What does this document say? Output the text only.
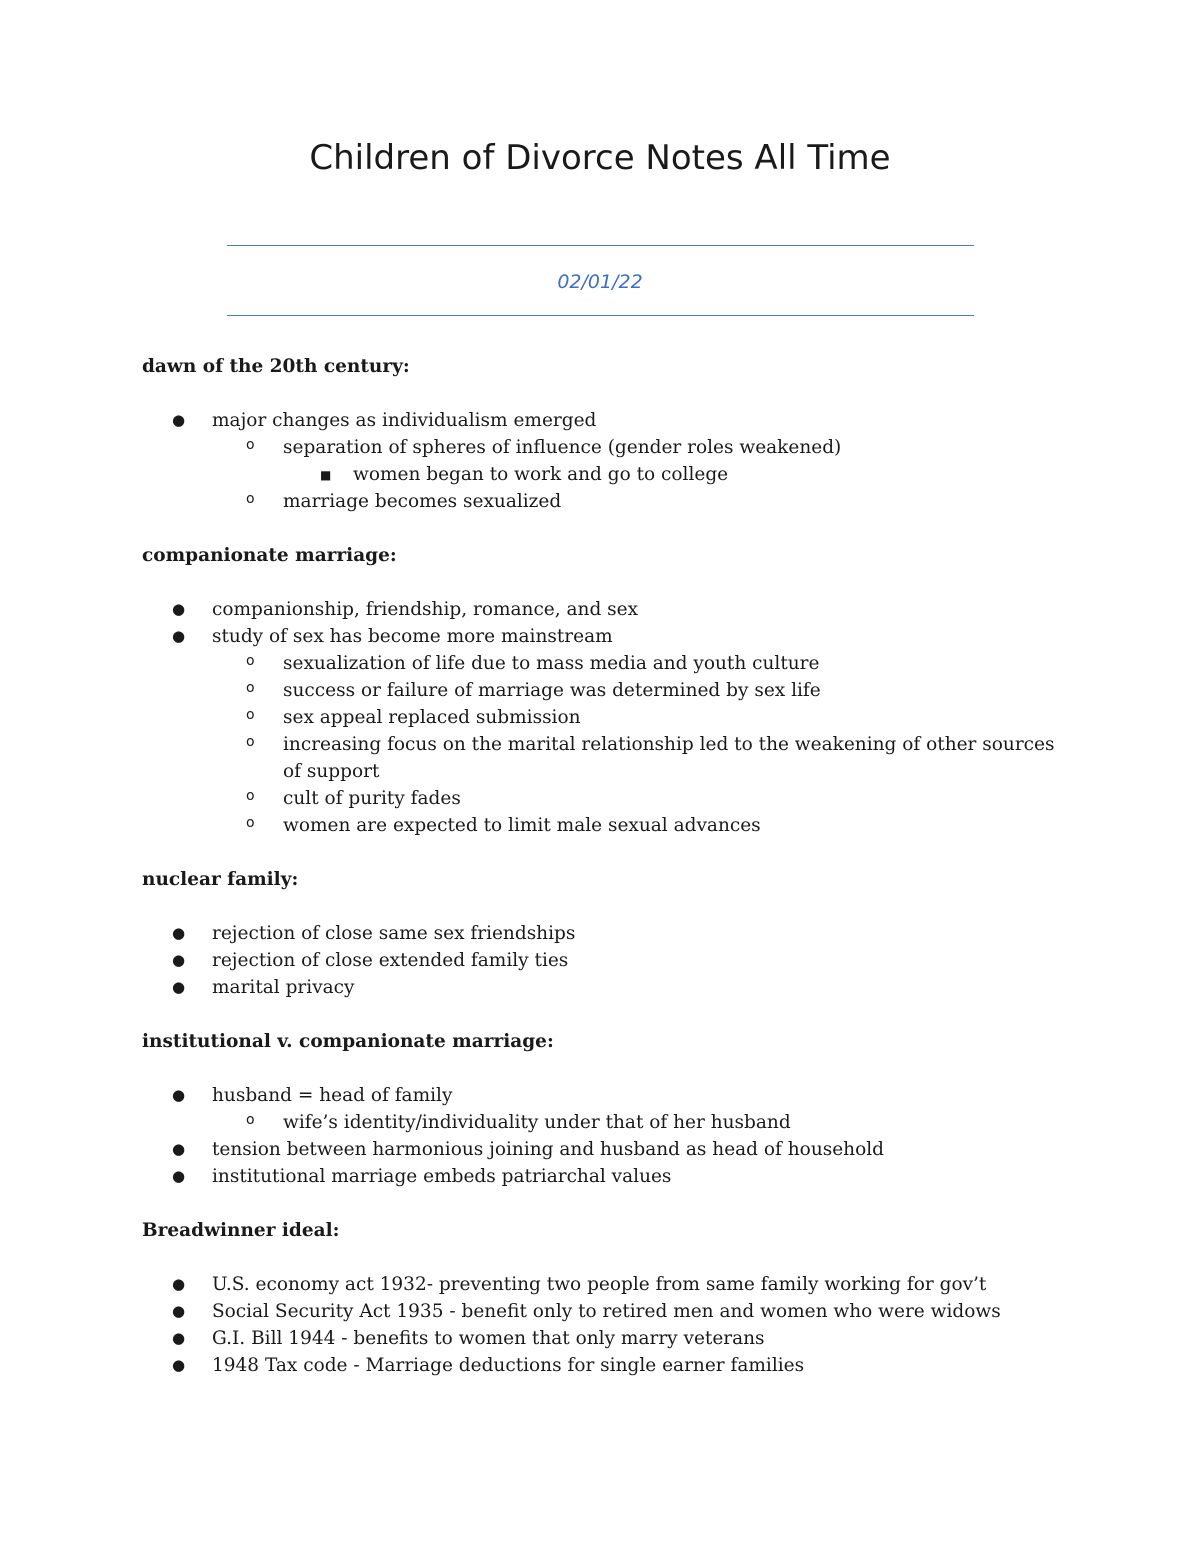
Children of Divorce Notes All Time
02/01/22
dawn of the 20th century:
● major changes as individualism emerged
o separation of spheres of influence (gender roles weakened)
■ women began to work and go to college
o marriage becomes sexualized
companionate marriage:
● companionship, friendship, romance, and sex
● study of sex has become more mainstream
o sexualization of life due to mass media and youth culture
o success or failure of marriage was determined by sex life
o sex appeal replaced submission
o increasing focus on the marital relationship led to the weakening of other sources of support
o cult of purity fades
o women are expected to limit male sexual advances
nuclear family:
● rejection of close same sex friendships
● rejection of close extended family ties
● marital privacy
institutional v. companionate marriage:
● husband = head of family
o wife’s identity/individuality under that of her husband
● tension between harmonious joining and husband as head of household
● institutional marriage embeds patriarchal values
Breadwinner ideal:
● U.S. economy act 1932- preventing two people from same family working for gov’t
● Social Security Act 1935 - benefit only to retired men and women who were widows
● G.I. Bill 1944 - benefits to women that only marry veterans
● 1948 Tax code - Marriage deductions for single earner families
